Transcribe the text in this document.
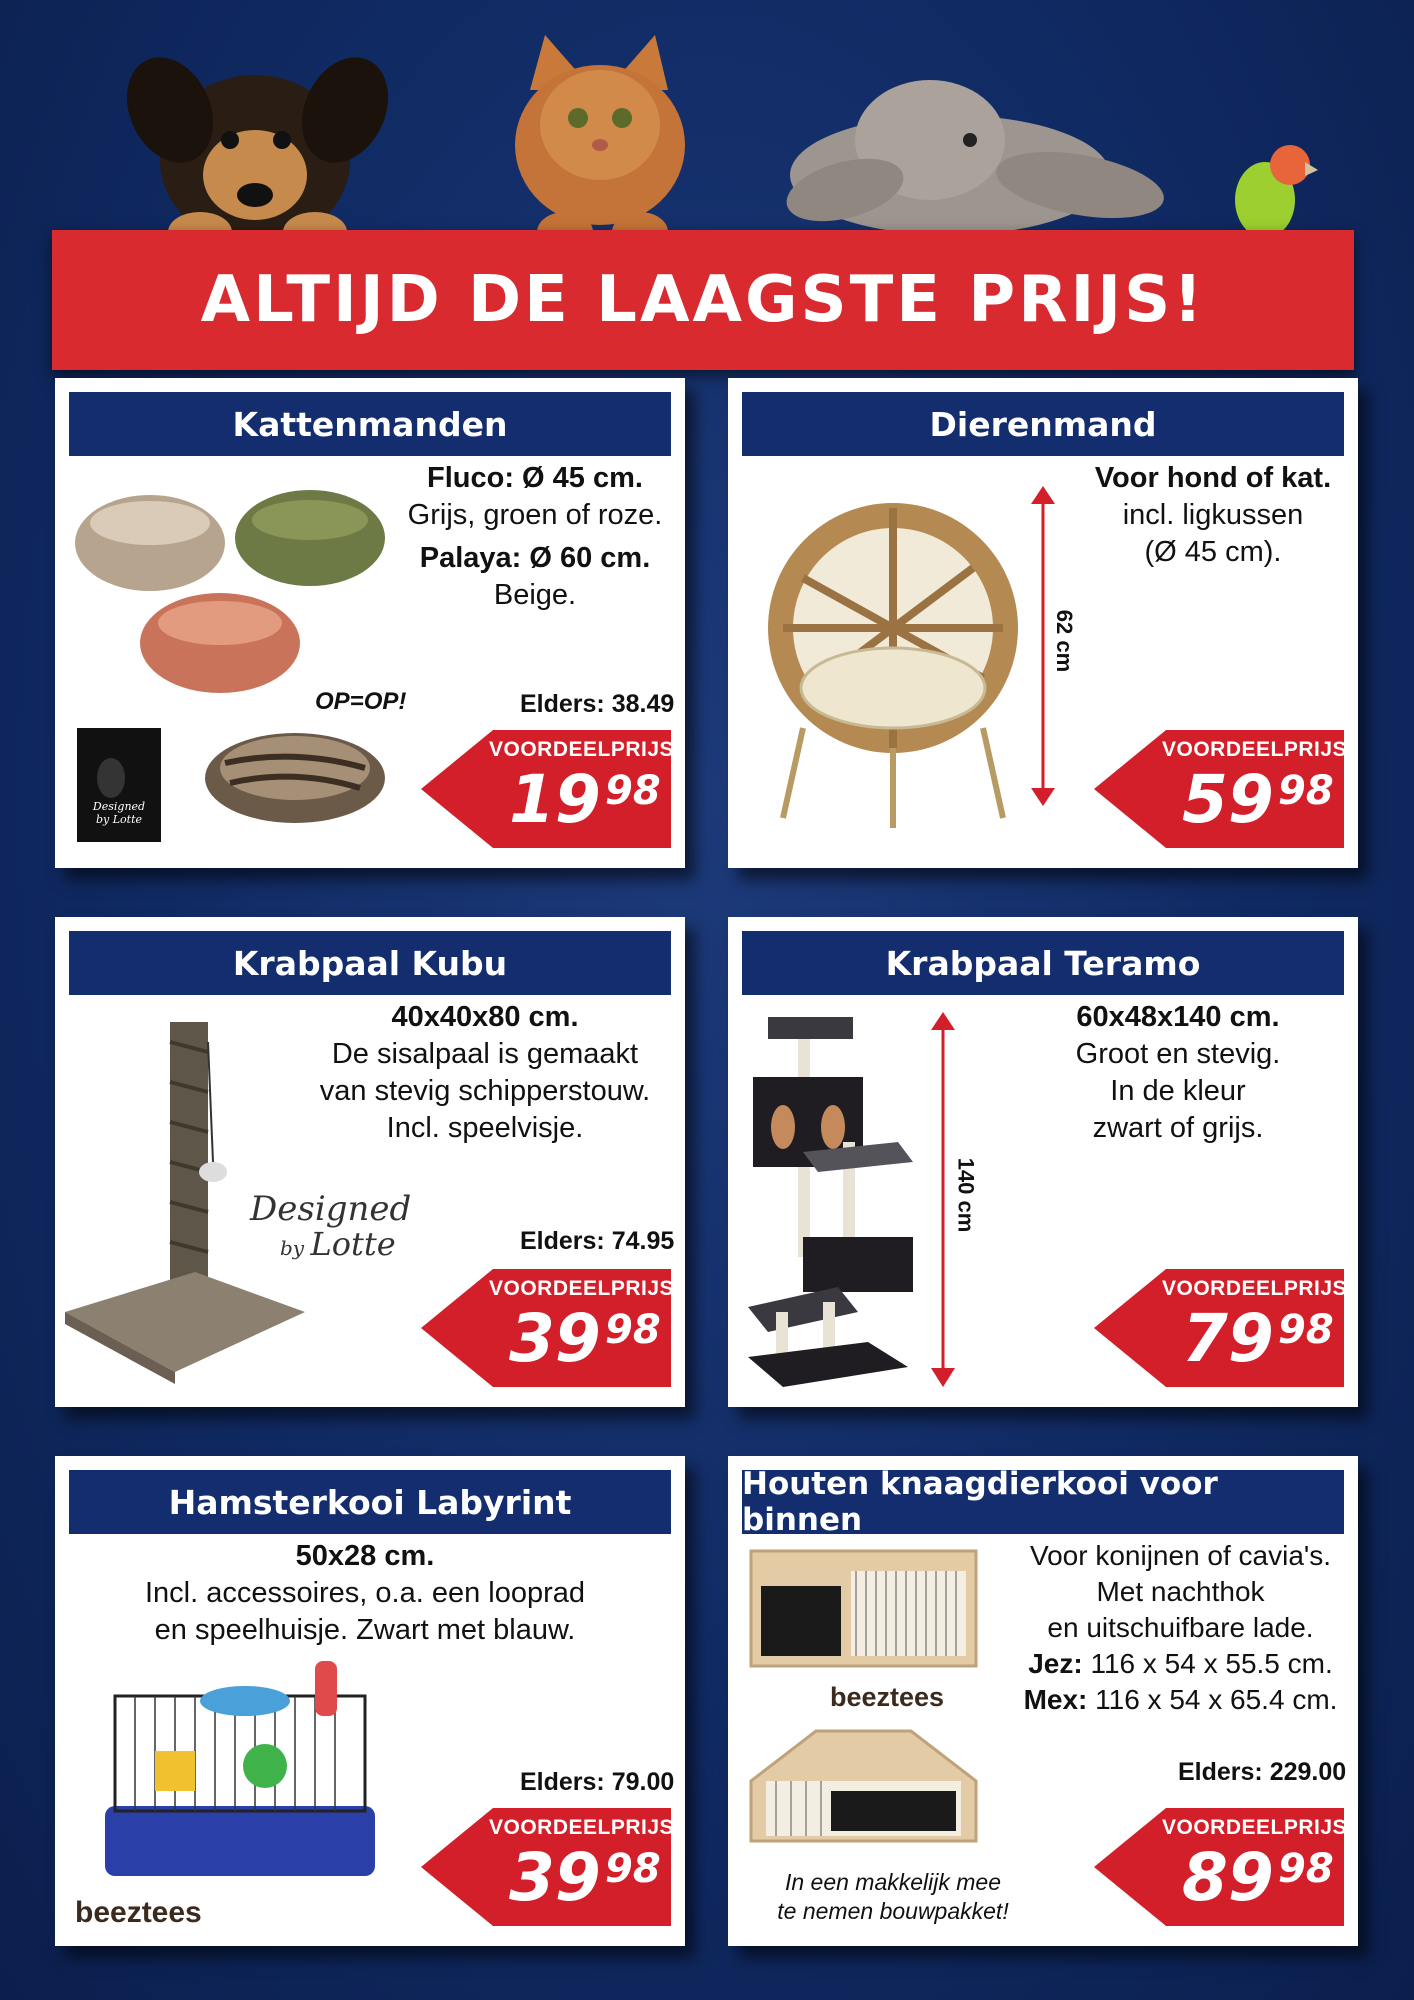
ALTIJD DE LAAGSTE PRIJS!
Kattenmanden
Designed
by Lotte
Fluco: Ø 45 cm.
Grijs, groen of roze.
Palaya: Ø 60 cm.
Beige.
OP=OP!	Elders: 38.49
VOORDEELPRIJS
19 98
Dierenmand
62 cm
Voor hond of kat.
incl. ligkussen
(Ø 45 cm).
VOORDEELPRIJS
59 98
Krabpaal Kubu
Designed
by Lotte
40x40x80 cm.
De sisalpaal is gemaakt
van stevig schipperstouw.
Incl. speelvisje.
Elders: 74.95
VOORDEELPRIJS
39 98
Krabpaal Teramo
140 cm
60x48x140 cm.
Groot en stevig.
In de kleur
zwart of grijs.
VOORDEELPRIJS
79 98
Hamsterkooi Labyrint
50x28 cm.
Incl. accessoires, o.a. een looprad
en speelhuisje. Zwart met blauw.
beeztees
Elders: 79.00
VOORDEELPRIJS
39 98
Houten knaagdierkooi voor binnen
beeztees
In een makkelijk mee
te nemen bouwpakket!
Voor konijnen of cavia's.
Met nachthok
en uitschuifbare lade.
Jez: 116 x 54 x 55.5 cm.
Mex: 116 x 54 x 65.4 cm.
Elders: 229.00
VOORDEELPRIJS
89 98
